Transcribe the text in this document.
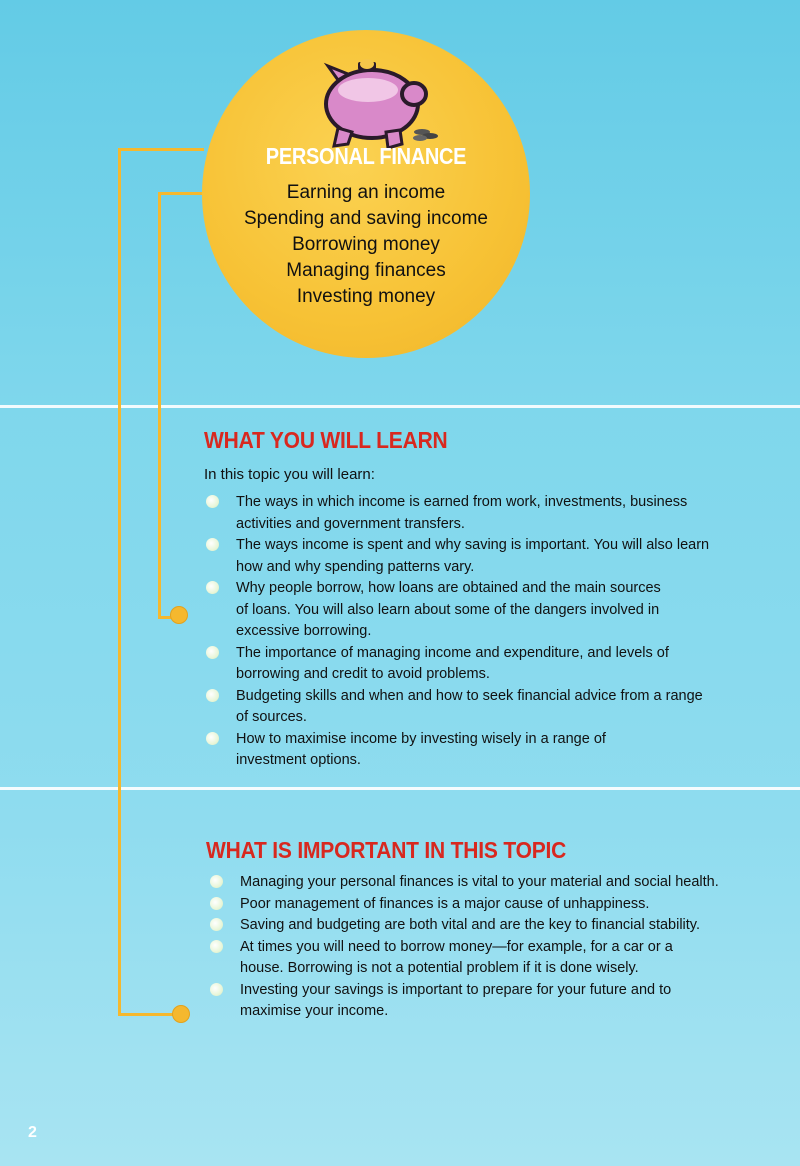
PERSONAL FINANCE
Earning an income
Spending and saving income
Borrowing money
Managing finances
Investing money
WHAT YOU WILL LEARN
In this topic you will learn:
The ways in which income is earned from work, investments, business
activities and government transfers.
The ways income is spent and why saving is important. You will also learn
how and why spending patterns vary.
Why people borrow, how loans are obtained and the main sources
of loans. You will also learn about some of the dangers involved in
excessive borrowing.
The importance of managing income and expenditure, and levels of
borrowing and credit to avoid problems.
Budgeting skills and when and how to seek financial advice from a range
of sources.
How to maximise income by investing wisely in a range of
investment options.
WHAT IS IMPORTANT IN THIS TOPIC
Managing your personal finances is vital to your material and social health.
Poor management of finances is a major cause of unhappiness.
Saving and budgeting are both vital and are the key to financial stability.
At times you will need to borrow money—for example, for a car or a
house. Borrowing is not a potential problem if it is done wisely.
Investing your savings is important to prepare for your future and to
maximise your income.
2
